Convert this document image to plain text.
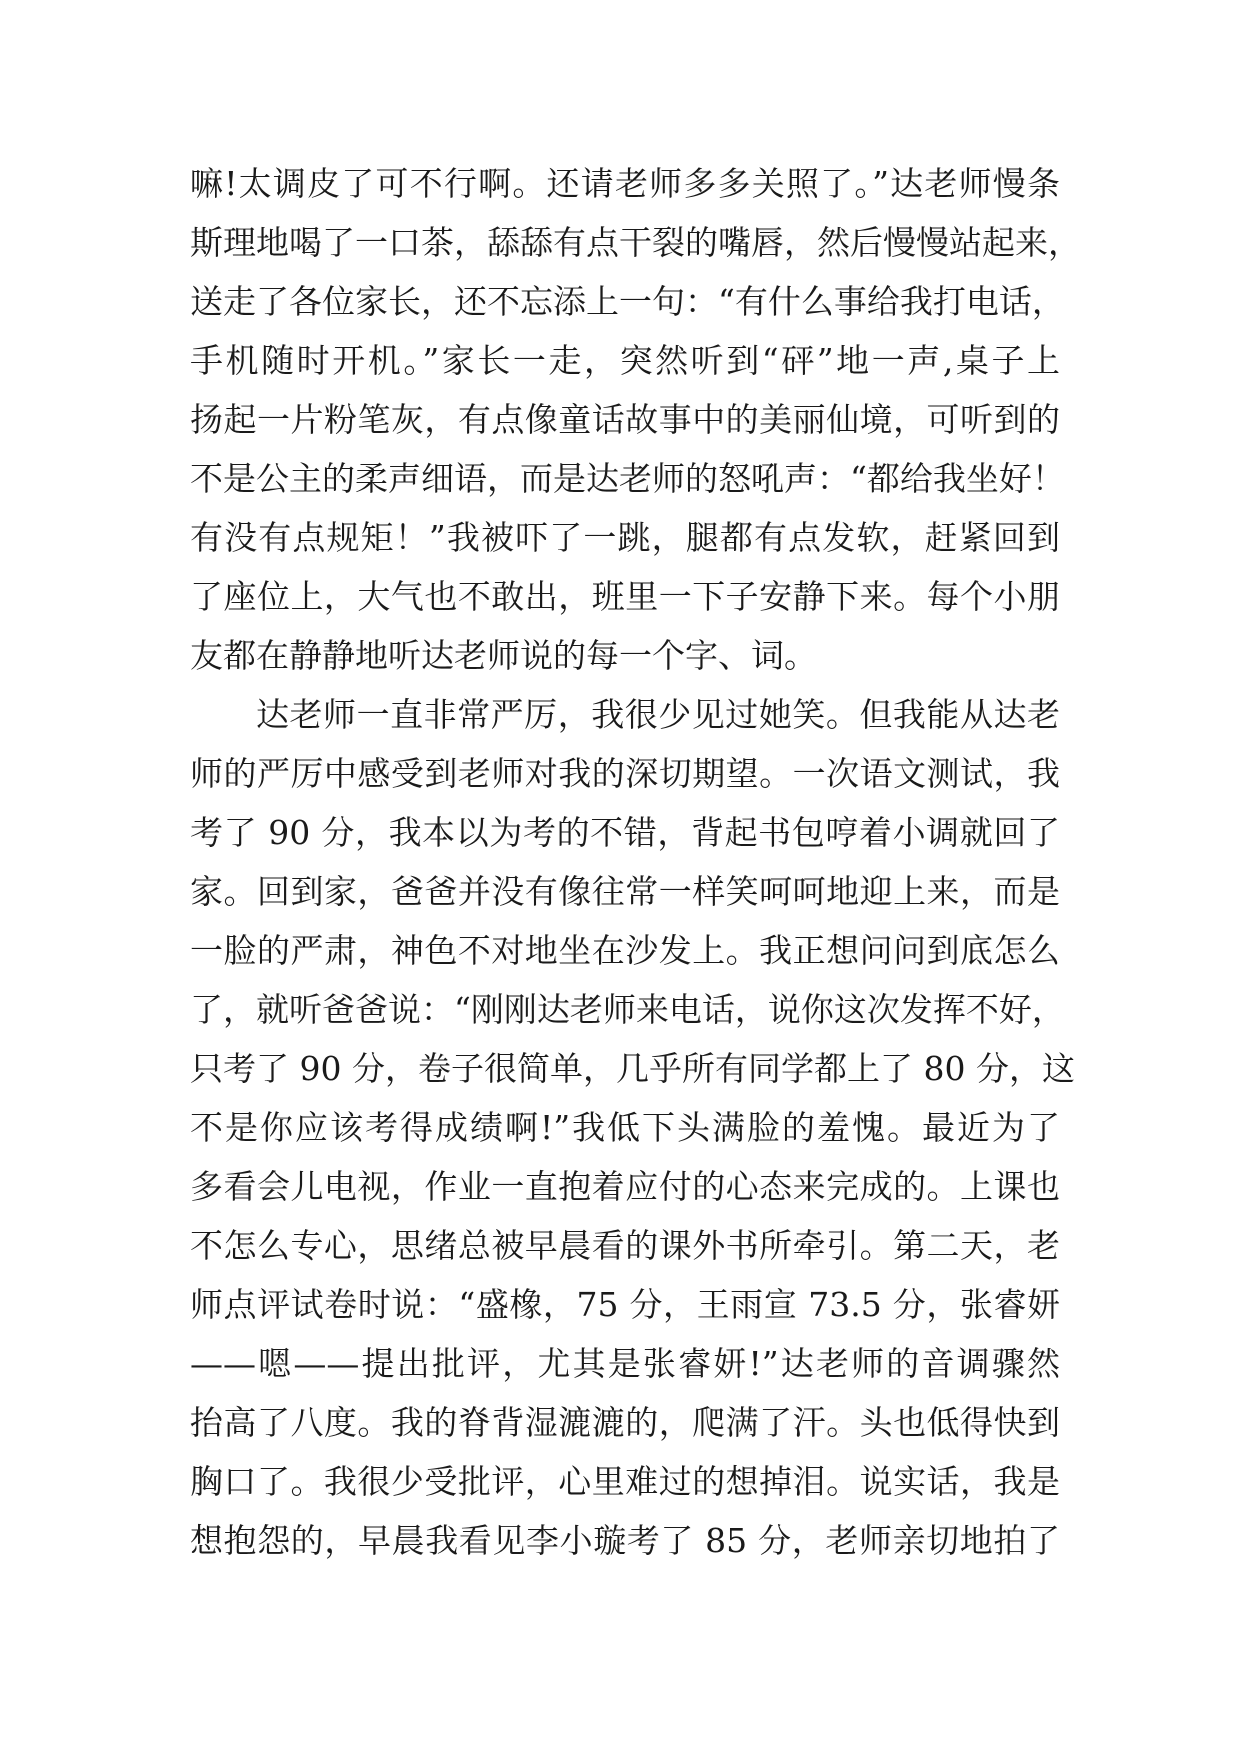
嘛!太调皮了可不行啊。还请老师多多关照了。”达老师慢条
斯理地喝了一口茶，舔舔有点干裂的嘴唇，然后慢慢站起来，
送走了各位家长，还不忘添上一句：“有什么事给我打电话，
手机随时开机。”家长一走，突然听到“砰”地一声,桌子上
扬起一片粉笔灰，有点像童话故事中的美丽仙境，可听到的
不是公主的柔声细语，而是达老师的怒吼声：“都给我坐好！
有没有点规矩！”我被吓了一跳，腿都有点发软，赶紧回到
了座位上，大气也不敢出，班里一下子安静下来。每个小朋
友都在静静地听达老师说的每一个字、词。
达老师一直非常严厉，我很少见过她笑。但我能从达老
师的严厉中感受到老师对我的深切期望。一次语文测试，我
考了 90 分，我本以为考的不错，背起书包哼着小调就回了
家。回到家，爸爸并没有像往常一样笑呵呵地迎上来，而是
一脸的严肃，神色不对地坐在沙发上。我正想问问到底怎么
了，就听爸爸说：“刚刚达老师来电话，说你这次发挥不好，
只考了 90 分，卷子很简单，几乎所有同学都上了 80 分，这
不是你应该考得成绩啊!”我低下头满脸的羞愧。最近为了
多看会儿电视，作业一直抱着应付的心态来完成的。上课也
不怎么专心，思绪总被早晨看的课外书所牵引。第二天，老
师点评试卷时说：“盛橡，75 分，王雨宣 73.5 分，张睿妍
——嗯——提出批评，尤其是张睿妍!”达老师的音调骤然
抬高了八度。我的脊背湿漉漉的，爬满了汗。头也低得快到
胸口了。我很少受批评，心里难过的想掉泪。说实话，我是
想抱怨的，早晨我看见李小璇考了 85 分，老师亲切地拍了
